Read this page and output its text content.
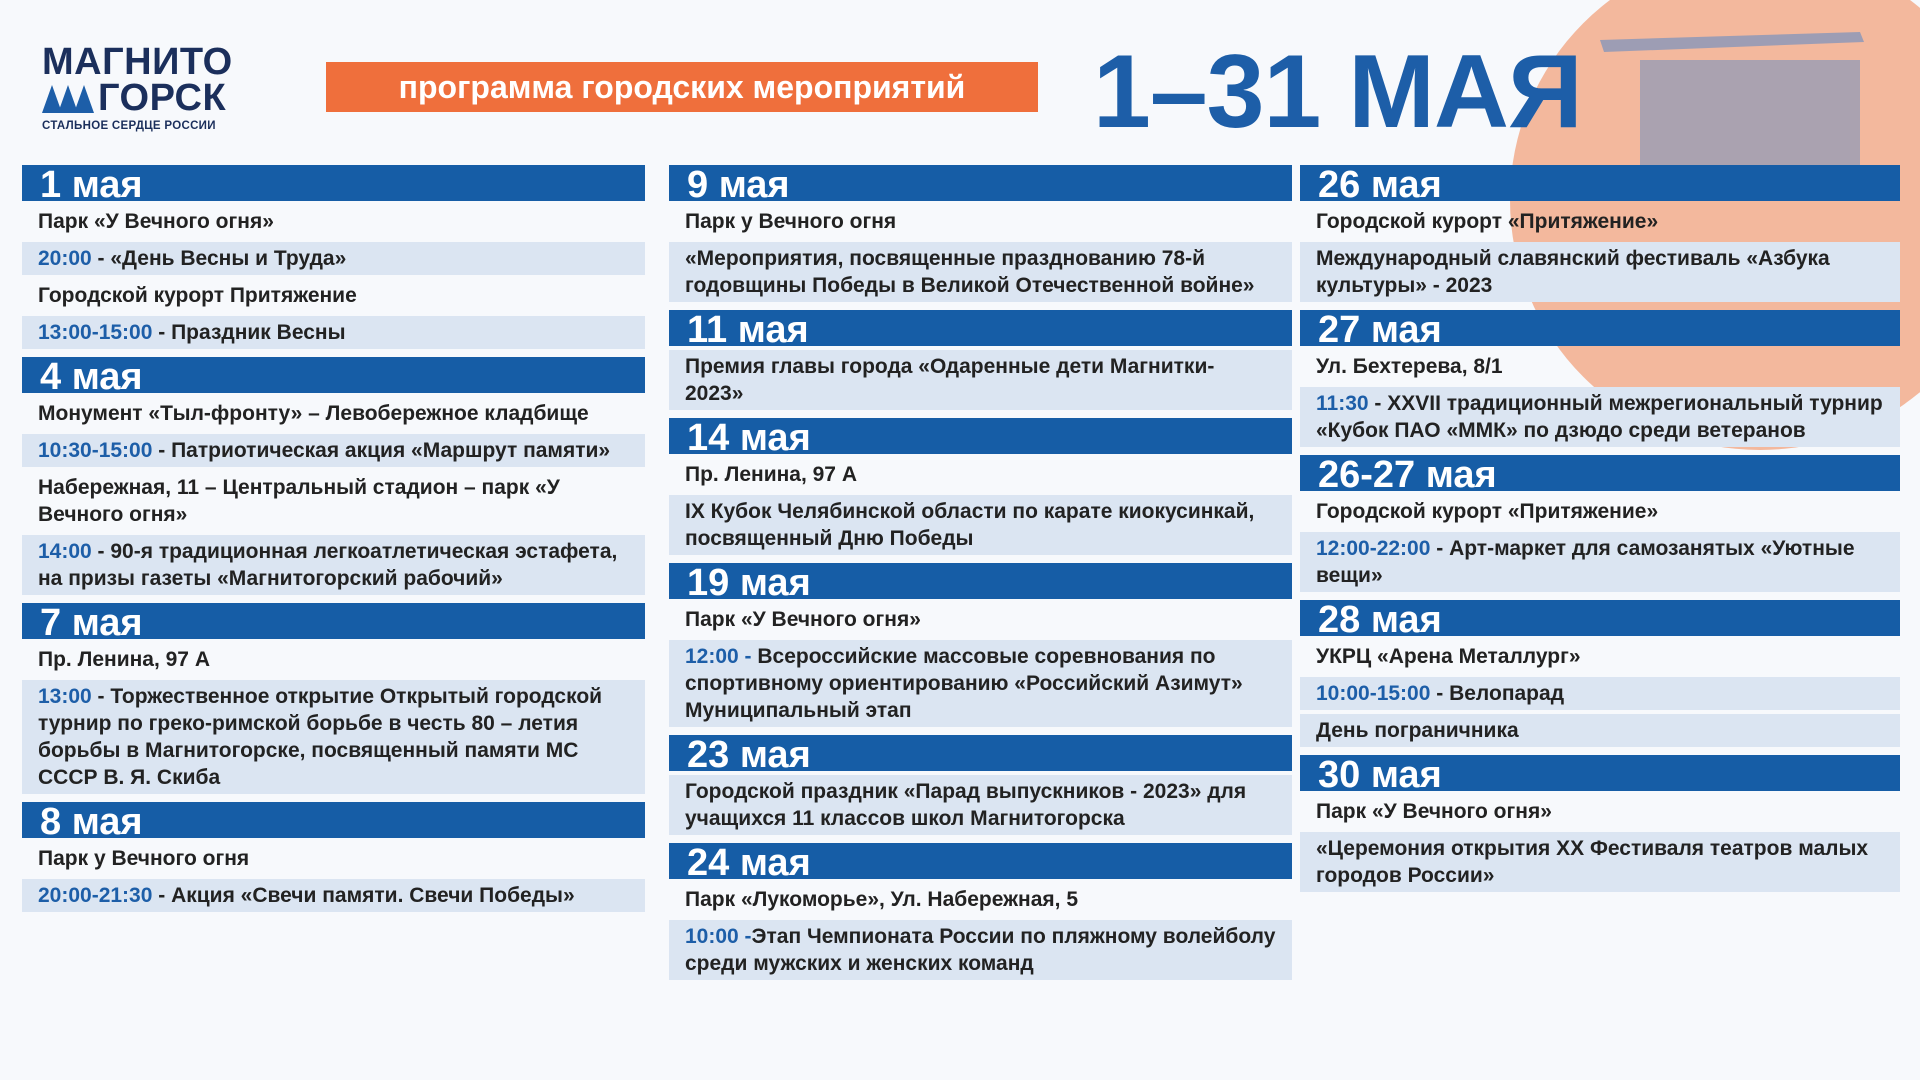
МАГНИТО
ГОРСК
СТАЛЬНОЕ СЕРДЦЕ РОССИИ
программа городских мероприятий	1–31 МАЯ
1 мая
Парк «У Вечного огня»
20:00 - «День Весны и Труда»
Городской курорт Притяжение
13:00-15:00 - Праздник Весны
4 мая
Монумент «Тыл-фронту» – Левобережное кладбище
10:30-15:00 - Патриотическая акция «Маршрут памяти»
Набережная, 11 – Центральный стадион – парк «У Вечного огня»
14:00 - 90-я традиционная легкоатлетическая эстафета, на призы газеты «Магнитогорский рабочий»
7 мая
Пр. Ленина, 97 А
13:00 - Торжественное открытие Открытый городской турнир по греко-римской борьбе в честь 80 – летия борьбы в Магнитогорске, посвященный памяти МС СССР В. Я. Скиба
8 мая
Парк у Вечного огня
20:00-21:30 - Акция «Свечи памяти. Свечи Победы»
9 мая
Парк у Вечного огня
«Мероприятия, посвященные празднованию 78-й годовщины Победы в Великой Отечественной войне»
11 мая
Премия главы города «Одаренные дети Магнитки- 2023»
14 мая
Пр. Ленина, 97 А
IX Кубок Челябинской области по карате киокусинкай, посвященный Дню Победы
19 мая
Парк «У Вечного огня»
12:00 - Всероссийские массовые соревнования по спортивному ориентированию «Российский Азимут» Муниципальный этап
23 мая
Городской праздник «Парад выпускников - 2023» для учащихся 11 классов школ Магнитогорска
24 мая
Парк «Лукоморье», Ул. Набережная, 5
10:00 -Этап Чемпионата России по пляжному волейболу среди мужских и женских команд
26 мая
Городской курорт «Притяжение»
Международный славянский фестиваль «Азбука культуры» - 2023
27 мая
Ул. Бехтерева, 8/1
11:30 - XXVII традиционный межрегиональный турнир «Кубок ПАО «ММК» по дзюдо среди ветеранов
26-27 мая
Городской курорт «Притяжение»
12:00-22:00 - Арт-маркет для самозанятых «Уютные вещи»
28 мая
УКРЦ «Арена Металлург»
10:00-15:00 - Велопарад
День пограничника
30 мая
Парк «У Вечного огня»
«Церемония открытия XX Фестиваля театров малых городов России»
